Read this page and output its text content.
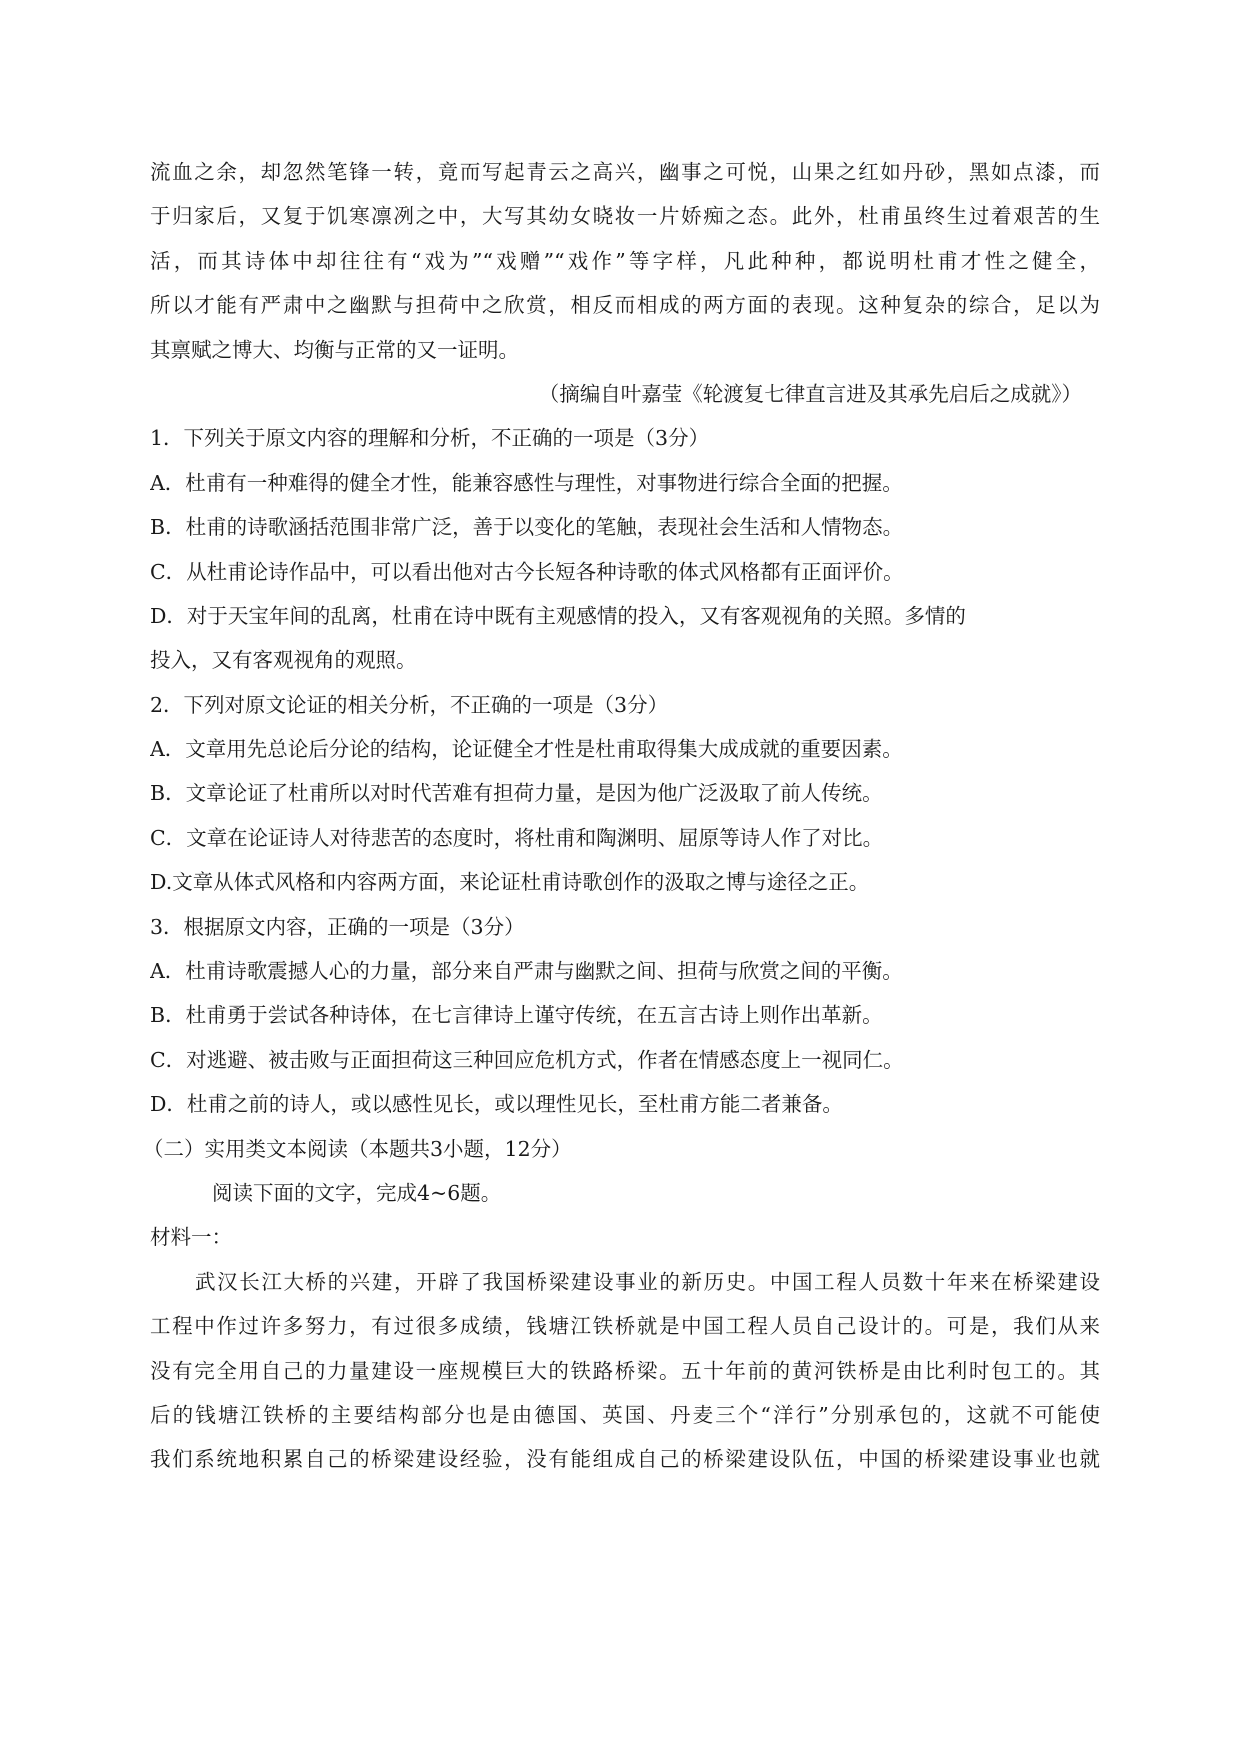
流血之余，却忽然笔锋一转，竟而写起青云之高兴，幽事之可悦，山果之红如丹砂，黑如点漆，而
于归家后，又复于饥寒凛冽之中，大写其幼女晓妆一片娇痴之态。此外，杜甫虽终生过着艰苦的生
活，而其诗体中却往往有“戏为”“戏赠”“戏作”等字样，凡此种种，都说明杜甫才性之健全，
所以才能有严肃中之幽默与担荷中之欣赏，相反而相成的两方面的表现。这种复杂的综合，足以为
其禀赋之博大、均衡与正常的又一证明。
（摘编自叶嘉莹《轮渡复七律直言进及其承先启后之成就》）
1．下列关于原文内容的理解和分析，不正确的一项是（3分）
A．杜甫有一种难得的健全才性，能兼容感性与理性，对事物进行综合全面的把握。
B．杜甫的诗歌涵括范围非常广泛，善于以变化的笔触，表现社会生活和人情物态。
C．从杜甫论诗作品中，可以看出他对古今长短各种诗歌的体式风格都有正面评价。
D．对于天宝年间的乱离，杜甫在诗中既有主观感情的投入，又有客观视角的关照。多情的
投入，又有客观视角的观照。
2．下列对原文论证的相关分析，不正确的一项是（3分）
A．文章用先总论后分论的结构，论证健全才性是杜甫取得集大成成就的重要因素。
B．文章论证了杜甫所以对时代苦难有担荷力量，是因为他广泛汲取了前人传统。
C．文章在论证诗人对待悲苦的态度时，将杜甫和陶渊明、屈原等诗人作了对比。
D.文章从体式风格和内容两方面，来论证杜甫诗歌创作的汲取之博与途径之正。
3．根据原文内容，正确的一项是（3分）
A．杜甫诗歌震撼人心的力量，部分来自严肃与幽默之间、担荷与欣赏之间的平衡。
B．杜甫勇于尝试各种诗体，在七言律诗上谨守传统，在五言古诗上则作出革新。
C．对逃避、被击败与正面担荷这三种回应危机方式，作者在情感态度上一视同仁。
D．杜甫之前的诗人，或以感性见长，或以理性见长，至杜甫方能二者兼备。
（二）实用类文本阅读（本题共3小题，12分）
阅读下面的文字，完成4~6题。
材料一：
武汉长江大桥的兴建，开辟了我国桥梁建设事业的新历史。中国工程人员数十年来在桥梁建设
工程中作过许多努力，有过很多成绩，钱塘江铁桥就是中国工程人员自己设计的。可是，我们从来
没有完全用自己的力量建设一座规模巨大的铁路桥梁。五十年前的黄河铁桥是由比利时包工的。其
后的钱塘江铁桥的主要结构部分也是由德国、英国、丹麦三个“洋行”分别承包的，这就不可能使
我们系统地积累自己的桥梁建设经验，没有能组成自己的桥梁建设队伍，中国的桥梁建设事业也就
